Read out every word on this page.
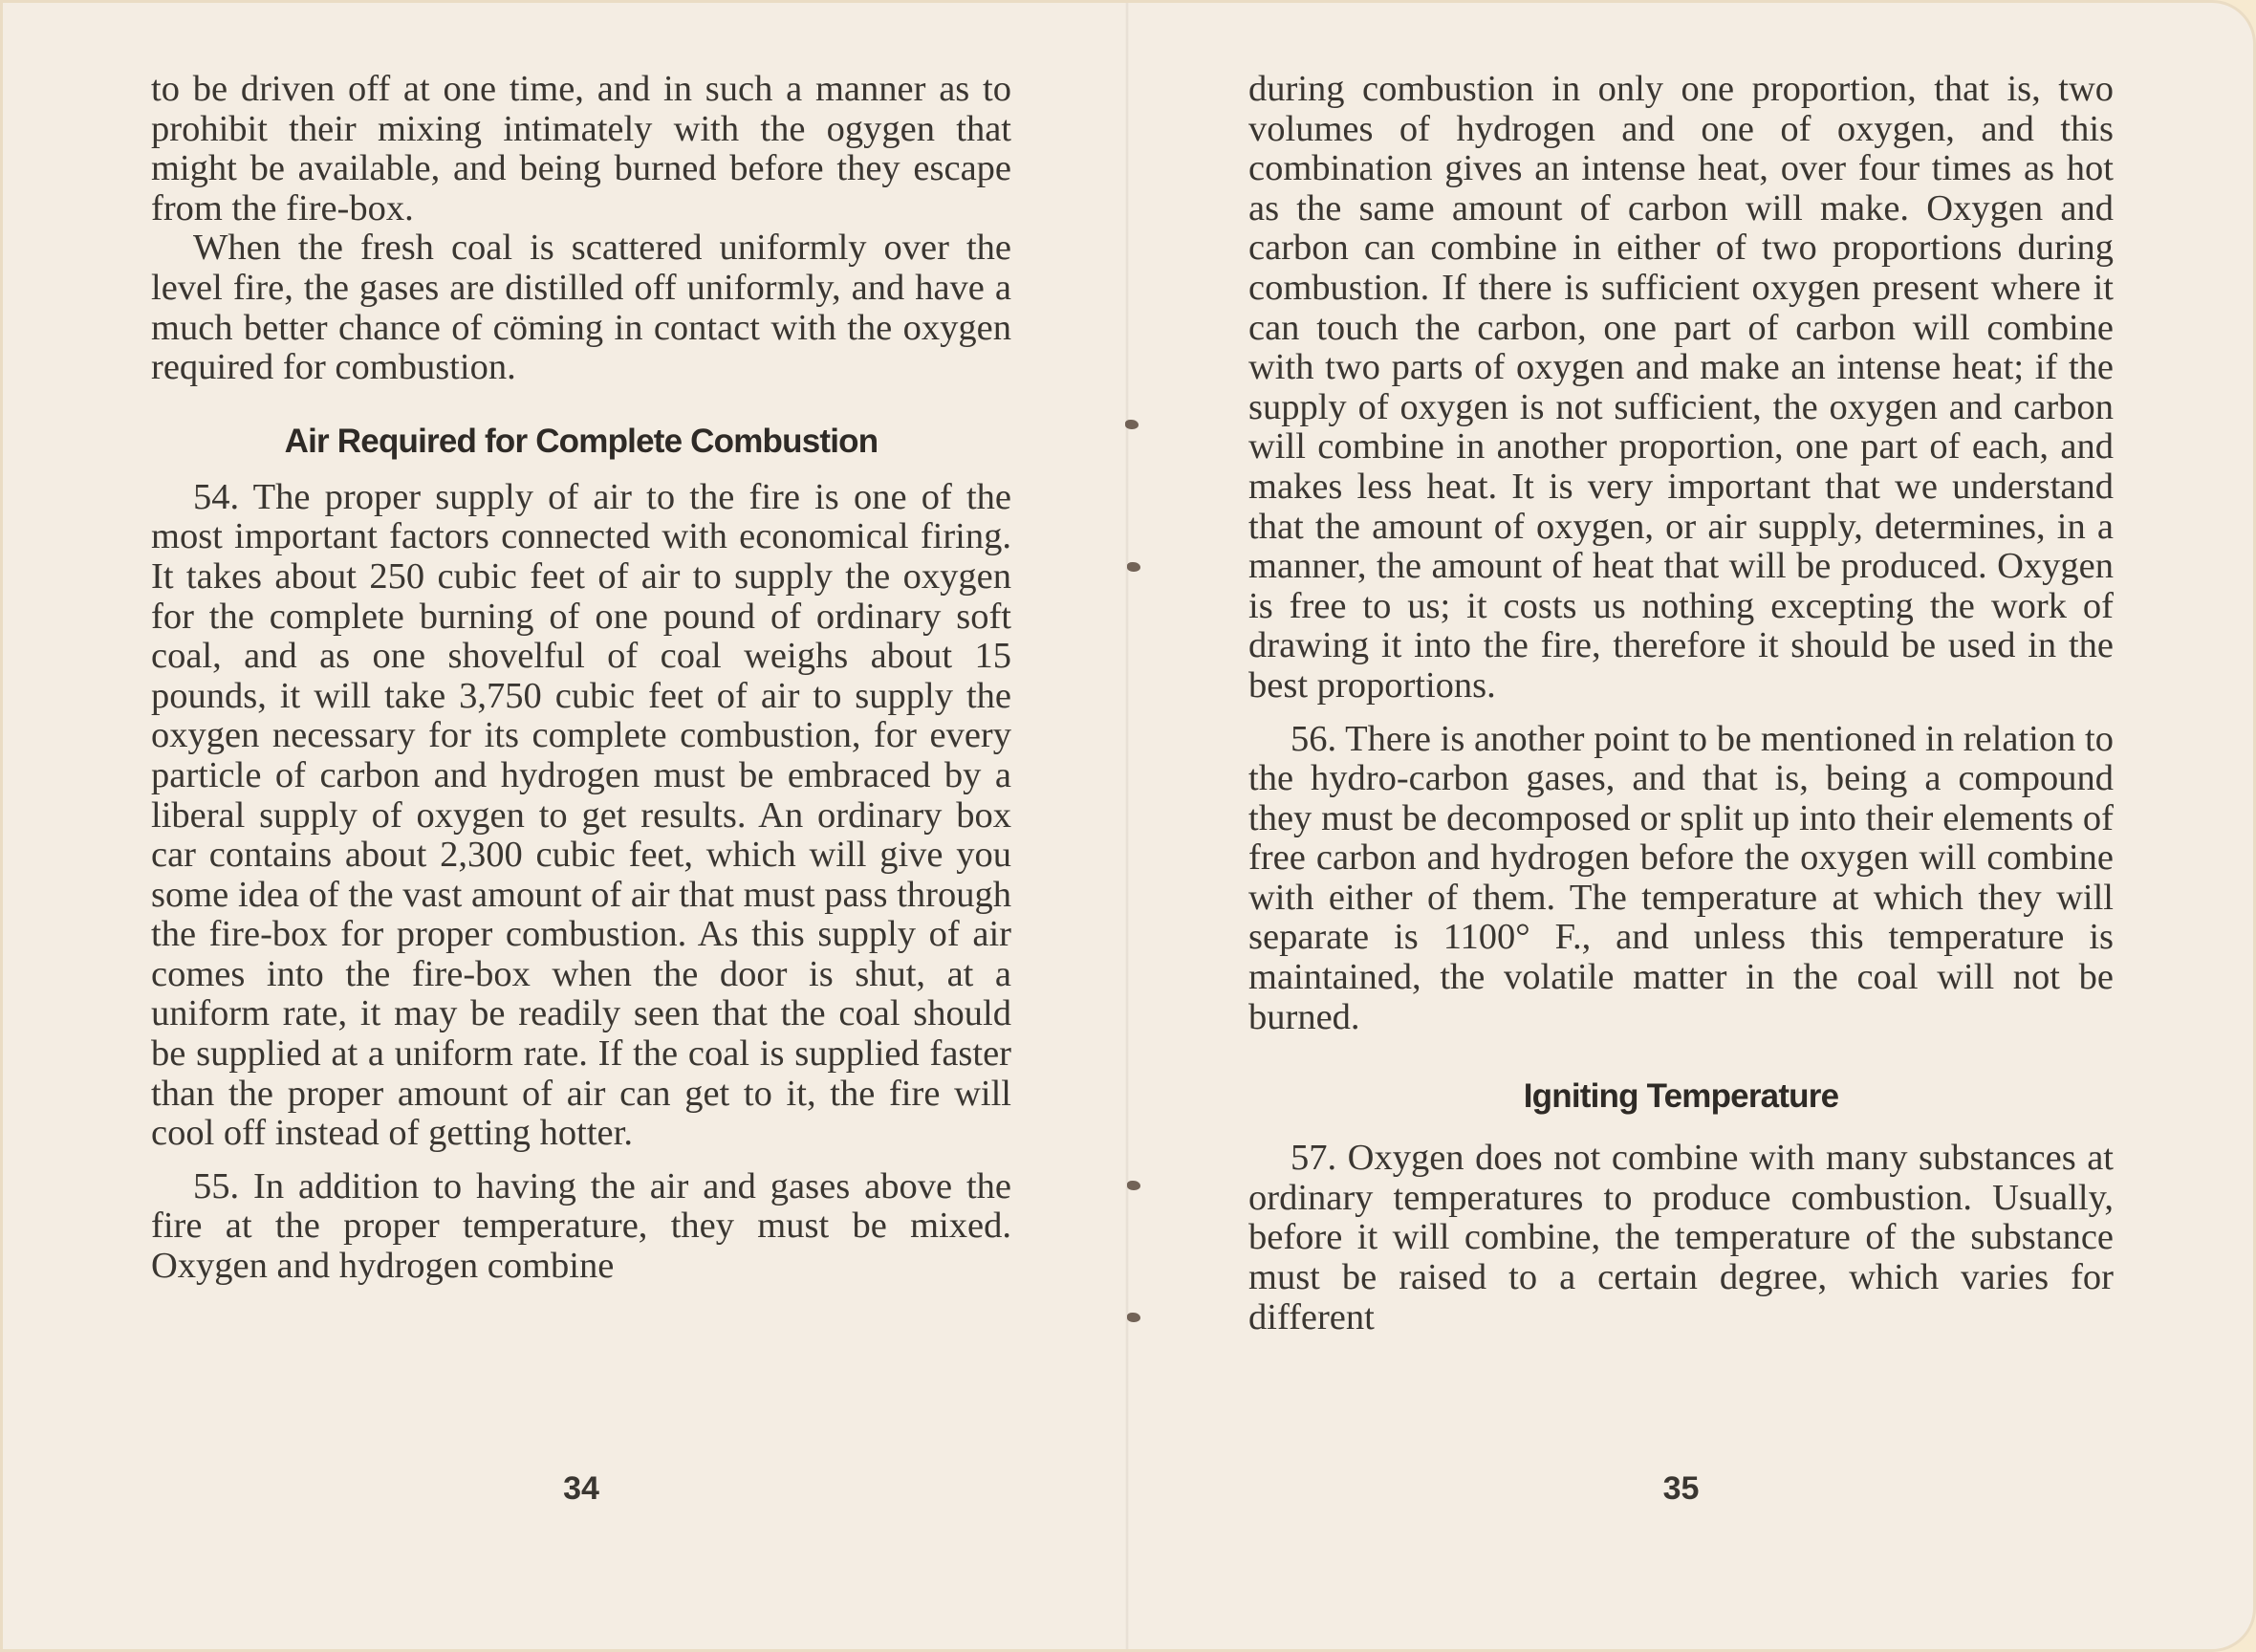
to be driven off at one time, and in such a manner as to prohibit their mixing intimately with the ogygen that might be available, and being burned before they escape from the fire-box.

When the fresh coal is scattered uniformly over the level fire, the gases are distilled off uniformly, and have a much better chance of cöming in contact with the oxygen required for combustion.

Air Required for Complete Combustion

54. The proper supply of air to the fire is one of the most important factors connected with economical firing. It takes about 250 cubic feet of air to supply the oxygen for the complete burning of one pound of ordinary soft coal, and as one shovelful of coal weighs about 15 pounds, it will take 3,750 cubic feet of air to supply the oxygen necessary for its complete combustion, for every particle of carbon and hydrogen must be embraced by a liberal supply of oxygen to get results. An ordinary box car contains about 2,300 cubic feet, which will give you some idea of the vast amount of air that must pass through the fire-box for proper combustion. As this supply of air comes into the fire-box when the door is shut, at a uniform rate, it may be readily seen that the coal should be supplied at a uniform rate. If the coal is supplied faster than the proper amount of air can get to it, the fire will cool off instead of getting hotter.

55. In addition to having the air and gases above the fire at the proper temperature, they must be mixed. Oxygen and hydrogen combine

34

during combustion in only one proportion, that is, two volumes of hydrogen and one of oxygen, and this combination gives an intense heat, over four times as hot as the same amount of carbon will make. Oxygen and carbon can combine in either of two proportions during combustion. If there is sufficient oxygen present where it can touch the carbon, one part of carbon will combine with two parts of oxygen and make an intense heat; if the supply of oxygen is not sufficient, the oxygen and carbon will combine in another proportion, one part of each, and makes less heat. It is very important that we understand that the amount of oxygen, or air supply, determines, in a manner, the amount of heat that will be produced. Oxygen is free to us; it costs us nothing excepting the work of drawing it into the fire, therefore it should be used in the best proportions.

56. There is another point to be mentioned in relation to the hydro-carbon gases, and that is, being a compound they must be decomposed or split up into their elements of free carbon and hydrogen before the oxygen will combine with either of them. The temperature at which they will separate is 1100° F., and unless this temperature is maintained, the volatile matter in the coal will not be burned.

Igniting Temperature

57. Oxygen does not combine with many substances at ordinary temperatures to produce combustion. Usually, before it will combine, the temperature of the substance must be raised to a certain degree, which varies for different

35
